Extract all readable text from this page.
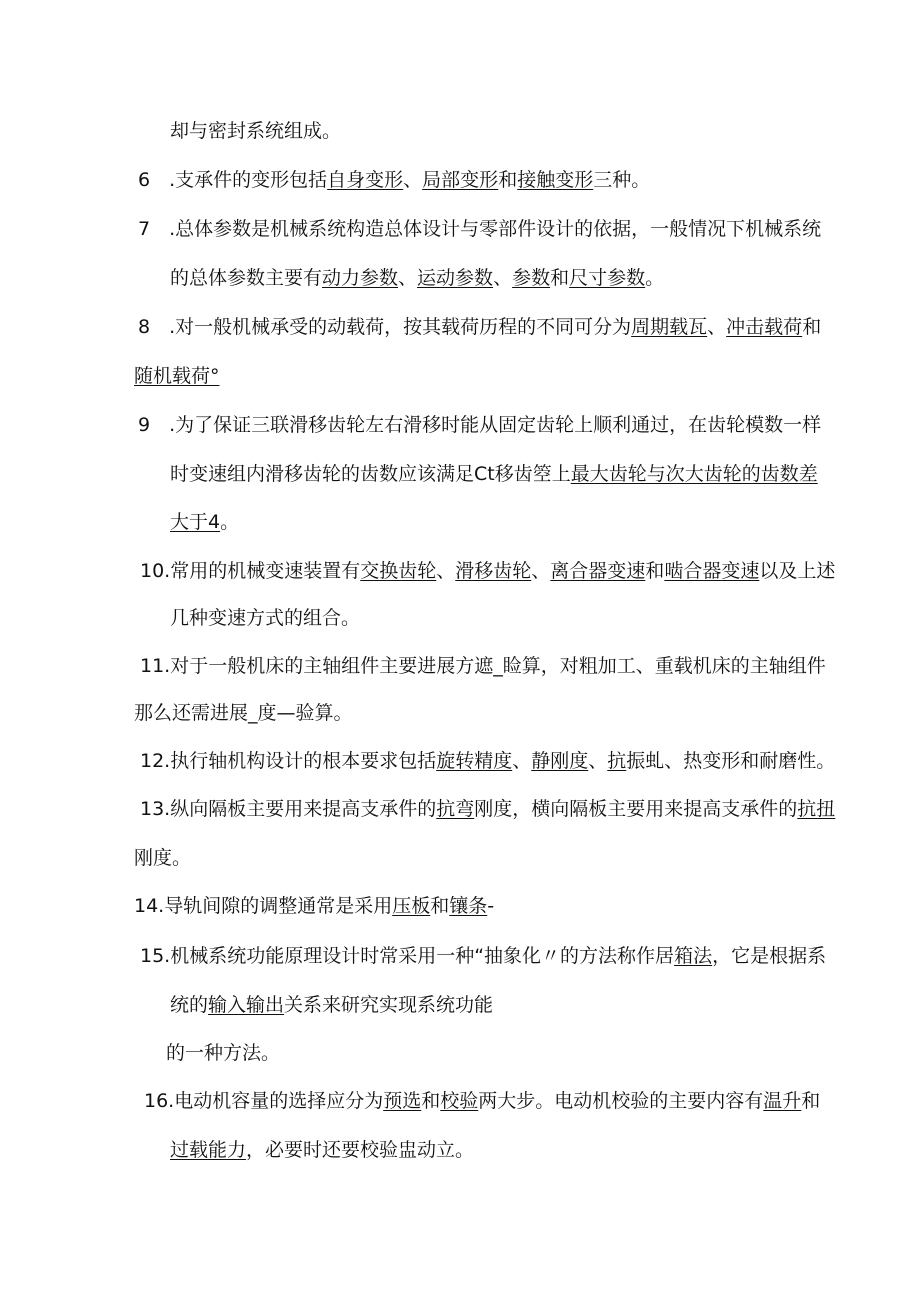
却与密封系统组成。
6　.支承件的变形包括自身变形、局部变形和接触变形三种。
7　.总体参数是机械系统构造总体设计与零部件设计的依据，一般情况下机械系统
的总体参数主要有动力参数、运动参数、参数和尺寸参数。
8　.对一般机械承受的动载荷，按其载荷历程的不同可分为周期载瓦、冲击载荷和
随机载荷°
9　.为了保证三联滑移齿轮左右滑移时能从固定齿轮上顺利通过，在齿轮模数一样
时变速组内滑移齿轮的齿数应该满足Ct移齿箜上最大齿轮与次大齿轮的齿数差
大于4。
10.常用的机械变速装置有交换齿轮、滑移齿轮、离合器变速和啮合器变速以及上述
几种变速方式的组合。
11.对于一般机床的主轴组件主要进展方遮_睑算，对粗加工、重载机床的主轴组件
那么还需进展_度—验算。
12.执行轴机构设计的根本要求包括旋转精度、静刚度、抗振虬、热变形和耐磨性。
13.纵向隔板主要用来提高支承件的抗弯刚度，横向隔板主要用来提高支承件的抗扭
刚度。
14.导轨间隙的调整通常是采用压板和镶条-
15.机械系统功能原理设计时常采用一种“抽象化〃的方法称作居箱法，它是根据系
统的输入输出关系来研究实现系统功能
的一种方法。
16.电动机容量的选择应分为预选和校验两大步。电动机校验的主要内容有温升和
过载能力，必要时还要校验盅动立。
